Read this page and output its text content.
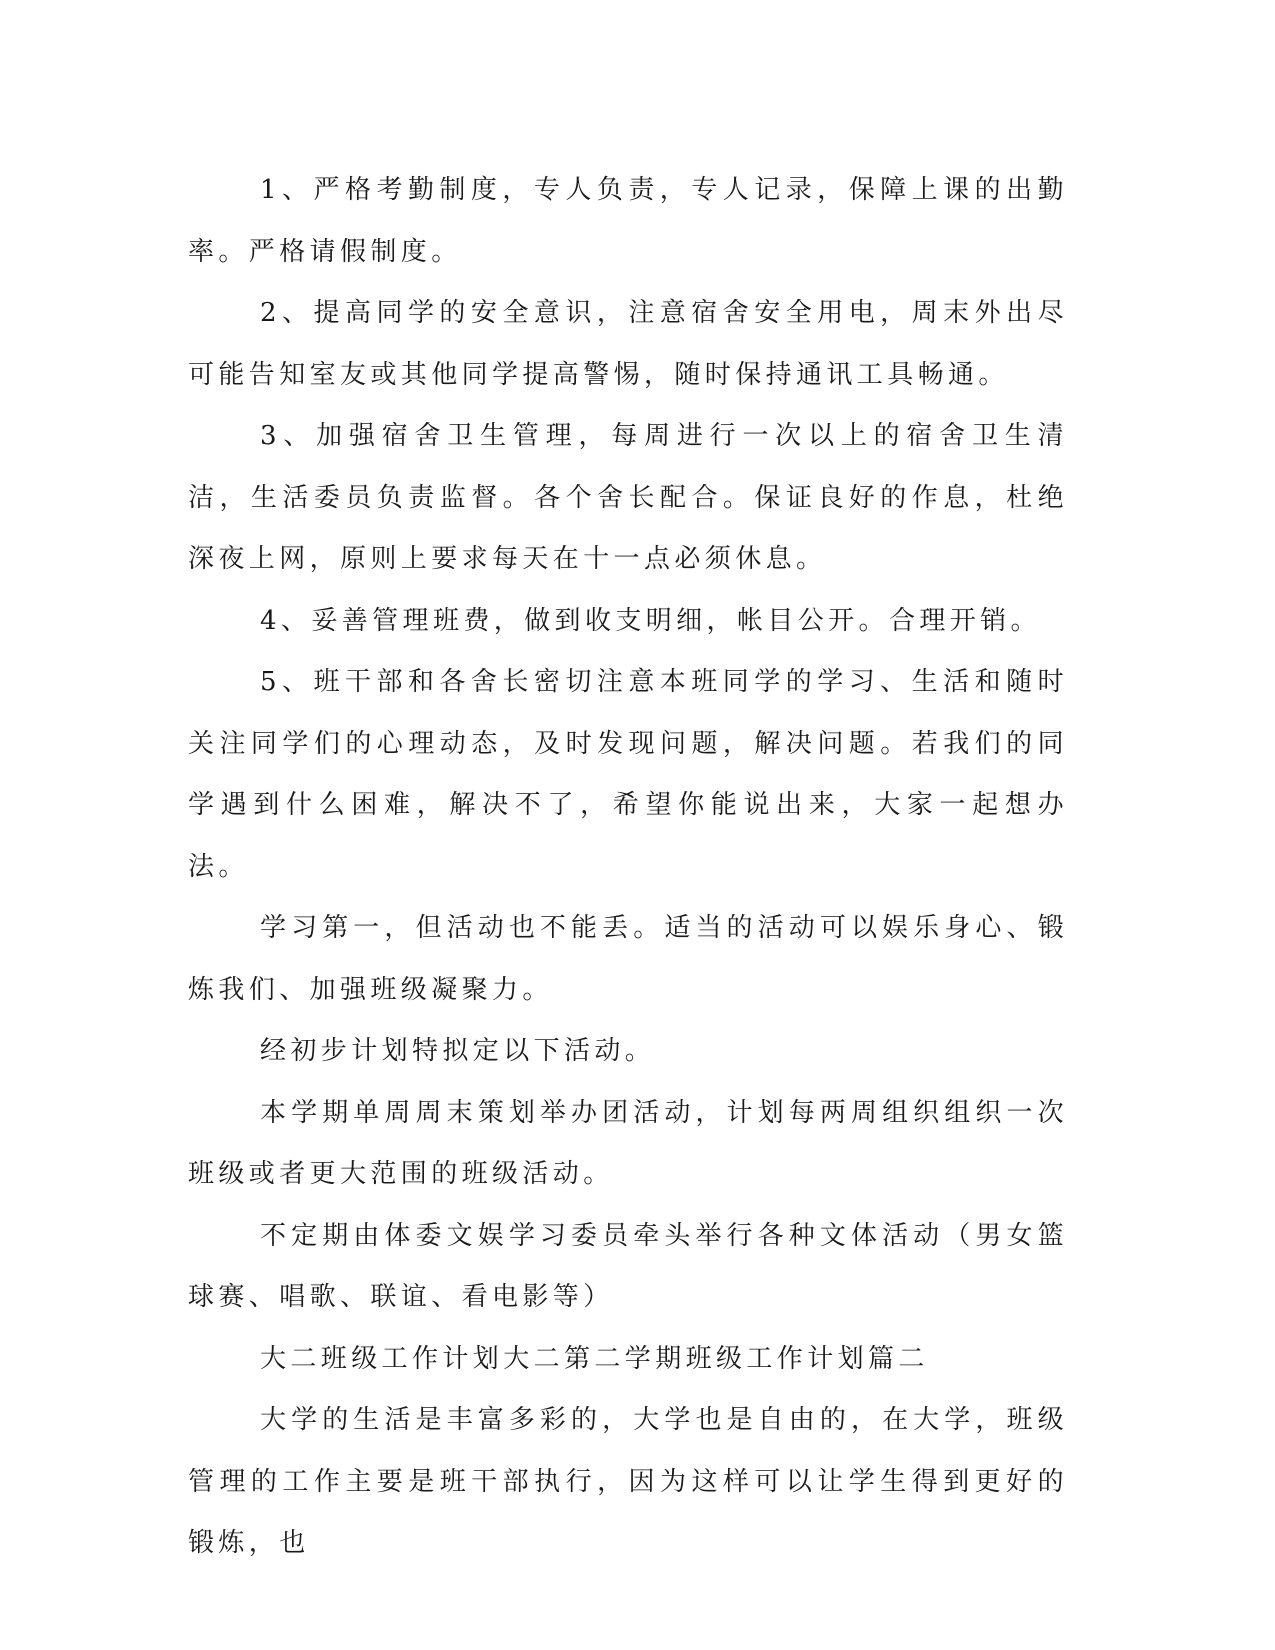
1、严格考勤制度，专人负责，专人记录，保障上课的出勤率。严格请假制度。

2、提高同学的安全意识，注意宿舍安全用电，周末外出尽可能告知室友或其他同学提高警惕，随时保持通讯工具畅通。

3、加强宿舍卫生管理，每周进行一次以上的宿舍卫生清洁，生活委员负责监督。各个舍长配合。保证良好的作息，杜绝深夜上网，原则上要求每天在十一点必须休息。

4、妥善管理班费，做到收支明细，帐目公开。合理开销。

5、班干部和各舍长密切注意本班同学的学习、生活和随时关注同学们的心理动态，及时发现问题，解决问题。若我们的同学遇到什么困难，解决不了，希望你能说出来，大家一起想办法。

学习第一，但活动也不能丢。适当的活动可以娱乐身心、锻炼我们、加强班级凝聚力。

经初步计划特拟定以下活动。

本学期单周周末策划举办团活动，计划每两周组织组织一次班级或者更大范围的班级活动。

不定期由体委文娱学习委员牵头举行各种文体活动（男女篮球赛、唱歌、联谊、看电影等）

大二班级工作计划大二第二学期班级工作计划篇二

大学的生活是丰富多彩的，大学也是自由的，在大学，班级管理的工作主要是班干部执行，因为这样可以让学生得到更好的锻炼，也
